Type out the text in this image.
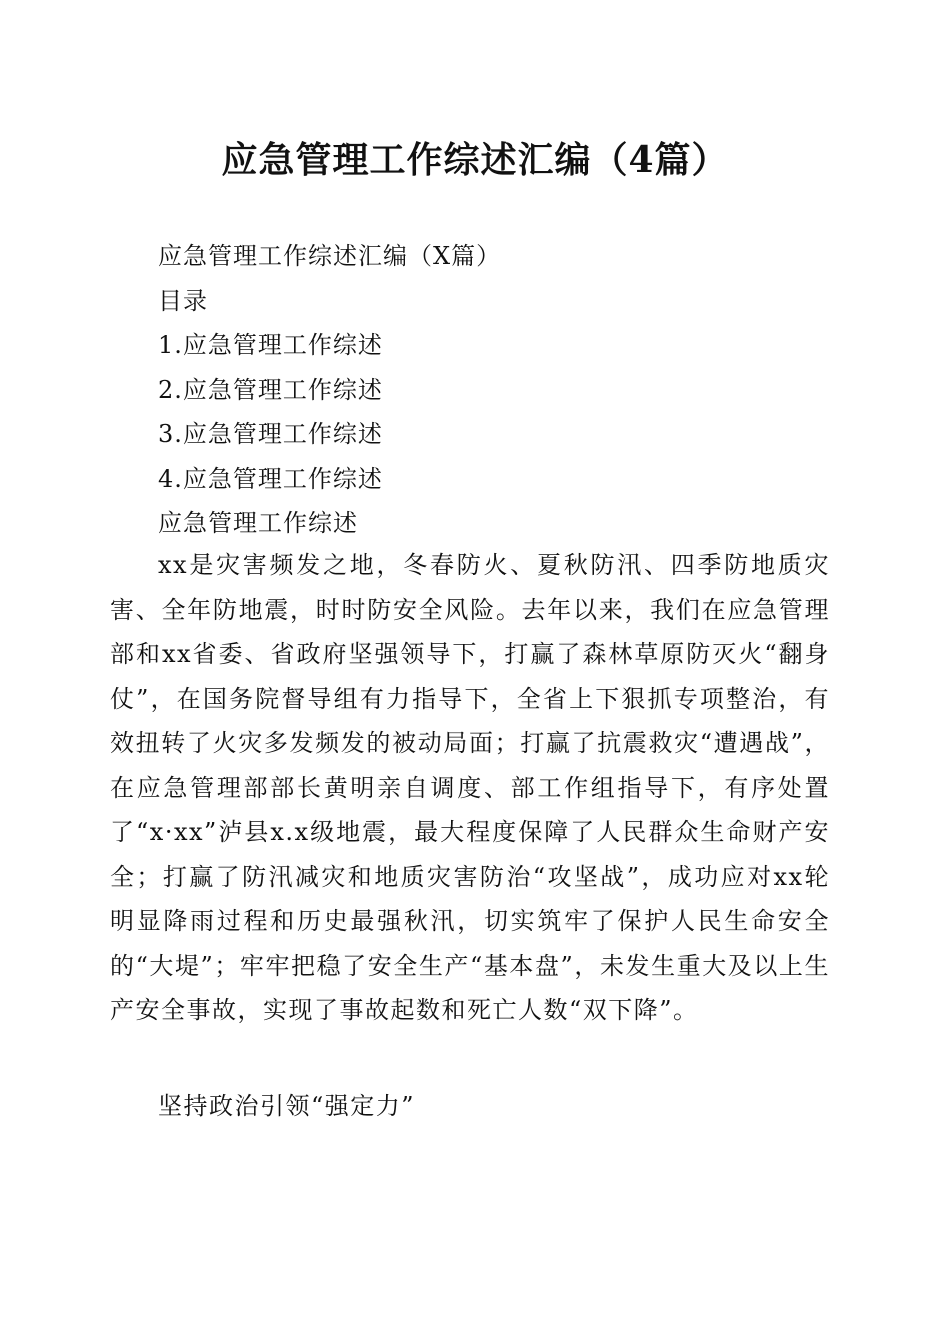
应急管理工作综述汇编（4篇）
应急管理工作综述汇编（X篇）
目录
1.应急管理工作综述
2.应急管理工作综述
3.应急管理工作综述
4.应急管理工作综述
应急管理工作综述

xx是灾害频发之地，冬春防火、夏秋防汛、四季防地质灾害、全年防地震，时时防安全风险。去年以来，我们在应急管理部和xx省委、省政府坚强领导下，打赢了森林草原防灭火“翻身仗”，在国务院督导组有力指导下，全省上下狠抓专项整治，有效扭转了火灾多发频发的被动局面；打赢了抗震救灾“遭遇战”，在应急管理部部长黄明亲自调度、部工作组指导下，有序处置了“x·xx”泸县x.x级地震，最大程度保障了人民群众生命财产安全；打赢了防汛减灾和地质灾害防治“攻坚战”，成功应对xx轮明显降雨过程和历史最强秋汛，切实筑牢了保护人民生命安全的“大堤”；牢牢把稳了安全生产“基本盘”，未发生重大及以上生产安全事故，实现了事故起数和死亡人数“双下降”。

坚持政治引领“强定力”
